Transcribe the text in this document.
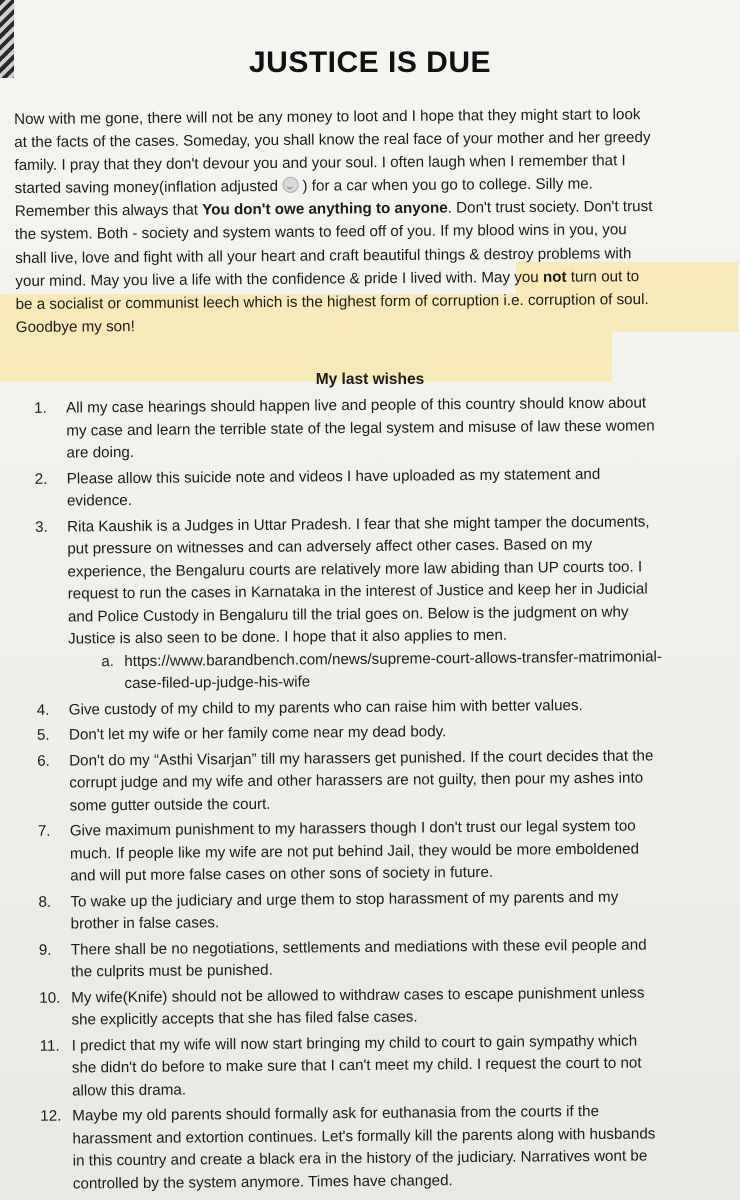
JUSTICE IS DUE
Now with me gone, there will not be any money to loot and I hope that they might start to look
at the facts of the cases. Someday, you shall know the real face of your mother and her greedy
family. I pray that they don't devour you and your soul. I often laugh when I remember that I
started saving money(inflation adjusted  ) for a car when you go to college. Silly me.
Remember this always that You don't owe anything to anyone. Don't trust society. Don't trust
the system. Both - society and system wants to feed off of you. If my blood wins in you, you
shall live, love and fight with all your heart and craft beautiful things & destroy problems with
your mind. May you live a life with the confidence & pride I lived with. May you not turn out to
be a socialist or communist leech which is the highest form of corruption i.e. corruption of soul.
Goodbye my son!
My last wishes
1. All my case hearings should happen live and people of this country should know about
my case and learn the terrible state of the legal system and misuse of law these women
are doing.
2. Please allow this suicide note and videos I have uploaded as my statement and
evidence.
3. Rita Kaushik is a Judges in Uttar Pradesh. I fear that she might tamper the documents,
put pressure on witnesses and can adversely affect other cases. Based on my
experience, the Bengaluru courts are relatively more law abiding than UP courts too. I
request to run the cases in Karnataka in the interest of Justice and keep her in Judicial
and Police Custody in Bengaluru till the trial goes on. Below is the judgment on why
Justice is also seen to be done. I hope that it also applies to men.
a. https://www.barandbench.com/news/supreme-court-allows-transfer-matrimonial-
case-filed-up-judge-his-wife
4. Give custody of my child to my parents who can raise him with better values.
5. Don't let my wife or her family come near my dead body.
6. Don't do my “Asthi Visarjan” till my harassers get punished. If the court decides that the
corrupt judge and my wife and other harassers are not guilty, then pour my ashes into
some gutter outside the court.
7. Give maximum punishment to my harassers though I don't trust our legal system too
much. If people like my wife are not put behind Jail, they would be more emboldened
and will put more false cases on other sons of society in future.
8. To wake up the judiciary and urge them to stop harassment of my parents and my
brother in false cases.
9. There shall be no negotiations, settlements and mediations with these evil people and
the culprits must be punished.
10. My wife(Knife) should not be allowed to withdraw cases to escape punishment unless
she explicitly accepts that she has filed false cases.
11. I predict that my wife will now start bringing my child to court to gain sympathy which
she didn't do before to make sure that I can't meet my child. I request the court to not
allow this drama.
12. Maybe my old parents should formally ask for euthanasia from the courts if the
harassment and extortion continues. Let's formally kill the parents along with husbands
in this country and create a black era in the history of the judiciary. Narratives wont be
controlled by the system anymore. Times have changed.
